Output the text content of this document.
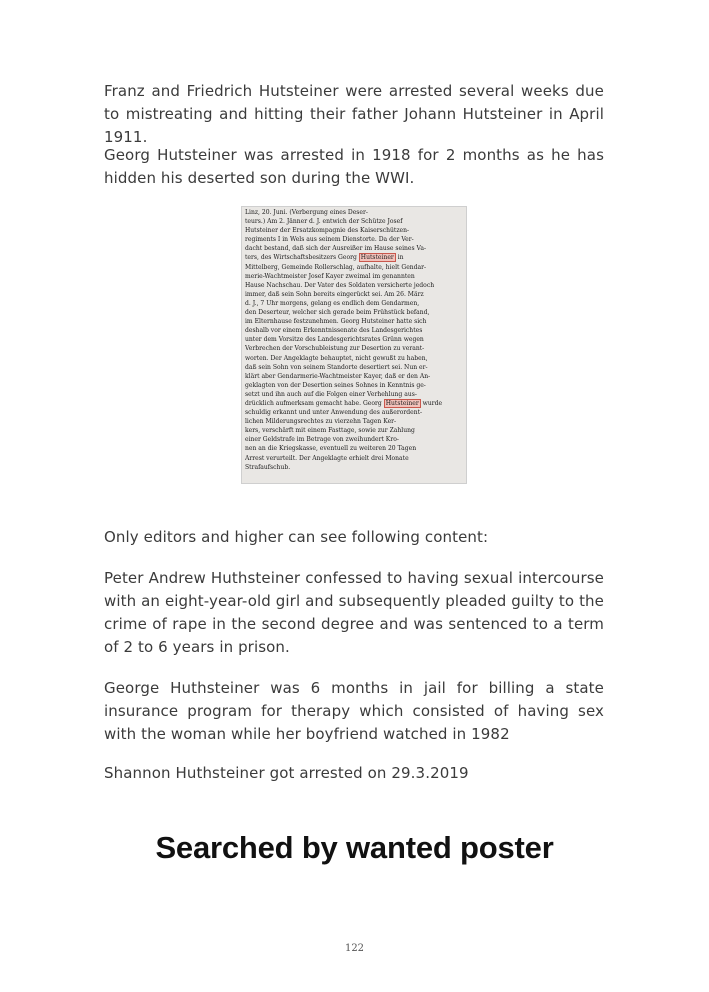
Franz and Friedrich Hutsteiner were arrested several weeks due to mistreating and hitting their father Johann Hutsteiner in April 1911.

Georg Hutsteiner was arrested in 1918 for 2 months as he has hidden his deserted son during the WWI.

Linz, 20. Juni. (Verbergung eines Deser-
teurs.) Am 2. Jänner d. J. entwich der Schütze Josef
Hutsteiner der Ersatzkompagnie des Kaiserschützen-
regiments I in Wels aus seinem Dienstorte. Da der Ver-
dacht bestand, daß sich der Ausreißer im Hause seines Va-
ters, des Wirtschaftsbesitzers Georg Hutsteiner in
Mittelberg, Gemeinde Rollerschlag, aufhalte, hielt Gendar-
merie-Wachtmeister Josef Kayer zweimal im genannten
Hause Nachschau. Der Vater des Soldaten versicherte jedoch
immer, daß sein Sohn bereits eingerückt sei. Am 26. März
d. J., 7 Uhr morgens, gelang es endlich dem Gendarmen,
den Deserteur, welcher sich gerade beim Frühstück befand,
im Elternhause festzunehmen. Georg Hutsteiner hatte sich
deshalb vor einem Erkenntnissenate des Landesgerichtes
unter dem Vorsitze des Landesgerichtsrates Grünn wegen
Verbrechen der Vorschubleistung zur Desertion zu verant-
worten. Der Angeklagte behauptet, nicht gewußt zu haben,
daß sein Sohn von seinem Standorte desertiert sei. Nun er-
klärt aber Gendarmerie-Wachtmeister Kayer, daß er den An-
geklagten von der Desertion seines Sohnes in Kenntnis ge-
setzt und ihn auch auf die Folgen einer Verhehlung aus-
drücklich aufmerksam gemacht habe. Georg Hutsteiner wurde
schuldig erkannt und unter Anwendung des außerordent-
lichen Milderungsrechtes zu vierzehn Tagen Ker-
kers, verschärft mit einem Fasttage, sowie zur Zahlung
einer Geldstrafe im Betrage von zweihundert Kro-
nen an die Kriegskasse, eventuell zu weiteren 20 Tagen
Arrest verurteilt. Der Angeklagte erhielt drei Monate
Strafaufschub.

Only editors and higher can see following content:

Peter Andrew Huthsteiner confessed to having sexual intercourse with an eight-year-old girl and subsequently pleaded guilty to the crime of rape in the second degree and was sentenced to a term of 2 to 6 years in prison.

George Huthsteiner was 6 months in jail for billing a state insurance program for therapy which consisted of having sex with the woman while her boyfriend watched in 1982

Shannon Huthsteiner got arrested on 29.3.2019

Searched by wanted poster
122
